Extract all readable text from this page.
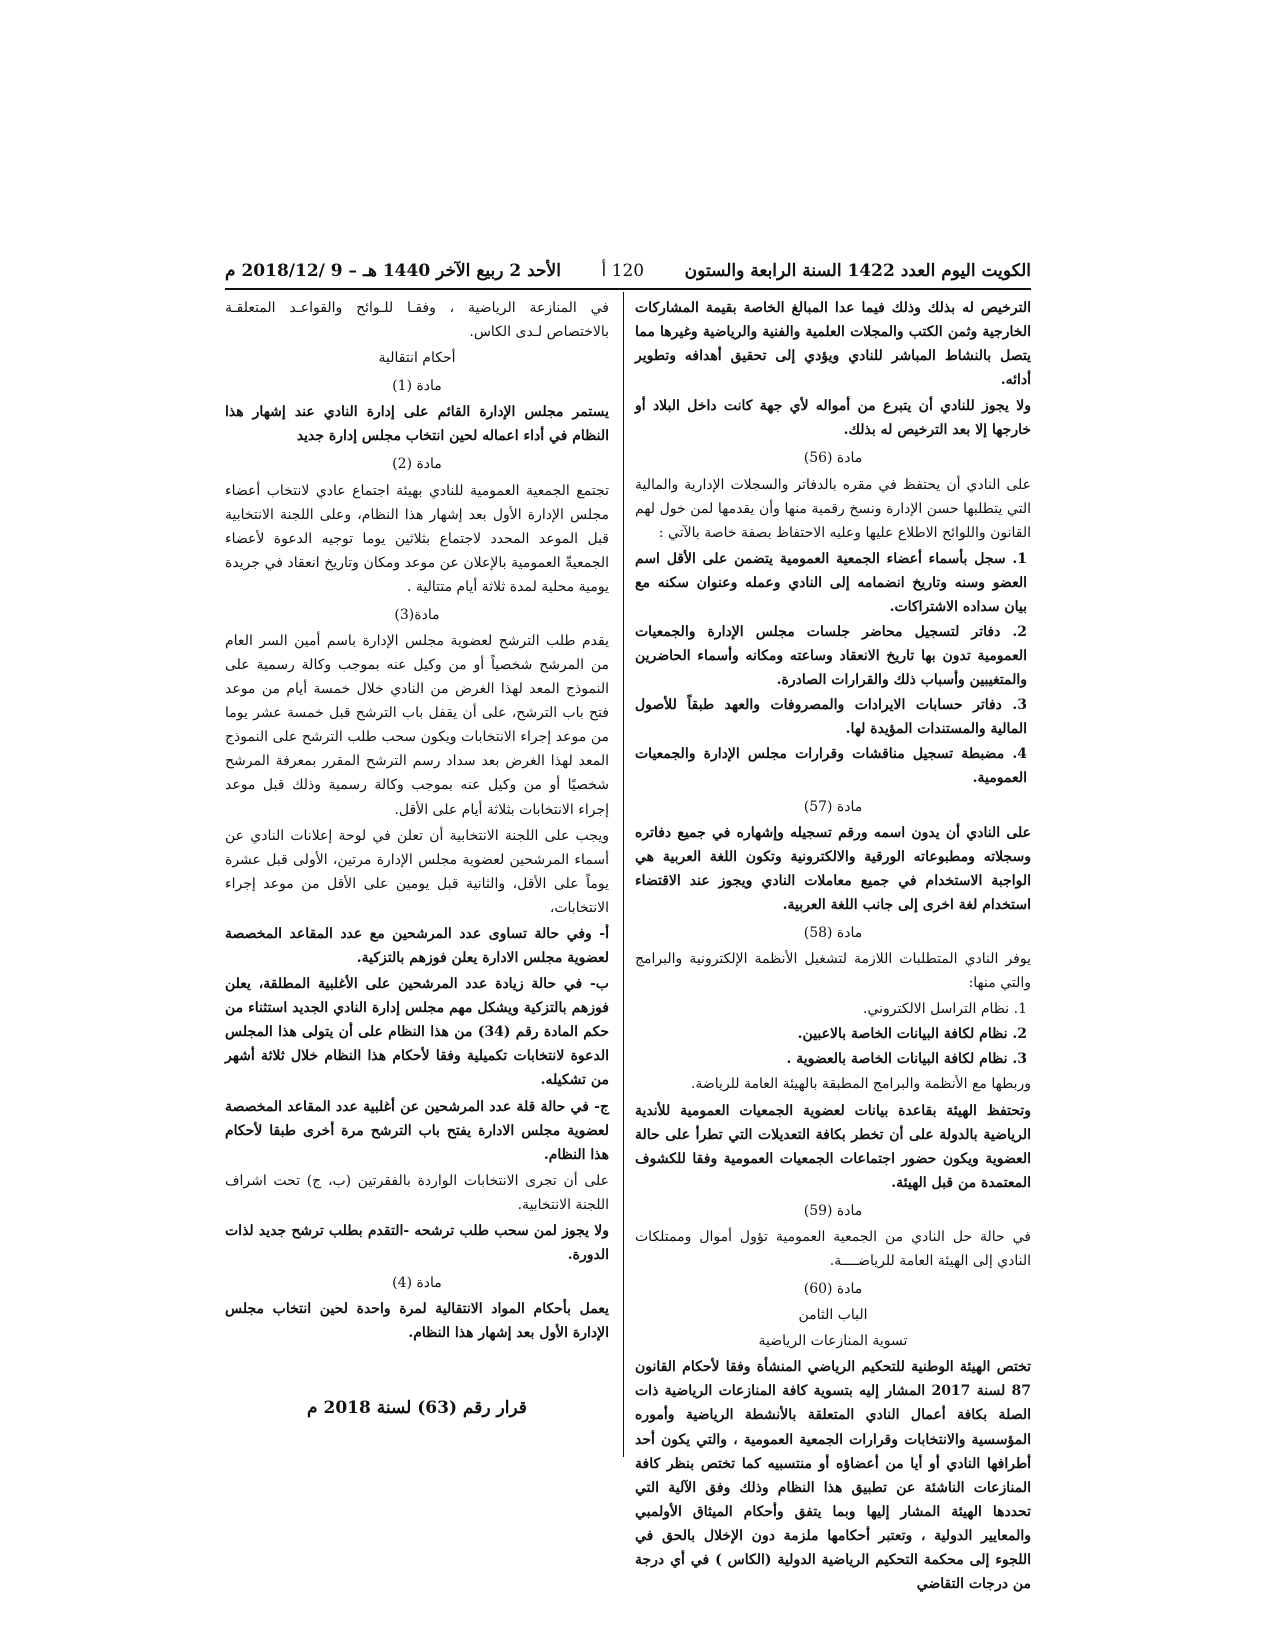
الكويت اليوم العدد 1422 السنة الرابعة والستون
120 أ
الأحد 2 ربيع الآخر 1440 هـ – 9 /2018/12 م

الترخيص له بذلك وذلك فيما عدا المبالغ الخاصة بقيمة المشاركات الخارجية وثمن الكتب والمجلات العلمية والفنية والرياضية وغيرها مما يتصل بالنشاط المباشر للنادي ويؤدي إلى تحقيق أهدافه وتطوير أدائه.

ولا يجوز للنادي أن يتبرع من أمواله لأي جهة كانت داخل البلاد أو خارجها إلا بعد الترخيص له بذلك.

مادة (56)

على النادي أن يحتفظ في مقره بالدفاتر والسجلات الإدارية والمالية التي يتطلبها حسن الإدارة ونسخ رقمية منها وأن يقدمها لمن خول لهم القانون واللوائح الاطلاع عليها وعليه الاحتفاظ بصفة خاصة بالآتي :

1. سجل بأسماء أعضاء الجمعية العمومية يتضمن على الأقل اسم العضو وسنه وتاريخ انضمامه إلى النادي وعمله وعنوان سكنه مع بيان سداده الاشتراكات.
2. دفاتر لتسجيل محاضر جلسات مجلس الإدارة والجمعيات العمومية تدون بها تاريخ الانعقاد وساعته ومكانه وأسماء الحاضرين والمتغيبين وأسباب ذلك والقرارات الصادرة.
3. دفاتر حسابات الايرادات والمصروفات والعهد طبقاً للأصول المالية والمستندات المؤيدة لها.
4. مضبطة تسجيل مناقشات وقرارات مجلس الإدارة والجمعيات العمومية.
مادة (57)

على النادي أن يدون اسمه ورقم تسجيله وإشهاره في جميع دفاتره وسجلاته ومطبوعاته الورقية والالكترونية وتكون اللغة العربية هي الواجبة الاستخدام في جميع معاملات النادي ويجوز عند الاقتضاء استخدام لغة اخرى إلى جانب اللغة العربية.

مادة (58)

يوفر النادي المتطلبات اللازمة لتشغيل الأنظمة الإلكترونية والبرامج والتي منها:

1. نظام التراسل الالكتروني.
2. نظام لكافة البيانات الخاصة بالاعبين.
3. نظام لكافة البيانات الخاصة بالعضوية .

وربطها مع الأنظمة والبرامج المطبقة بالهيئة العامة للرياضة.

وتحتفظ الهيئة بقاعدة بيانات لعضوية الجمعيات العمومية للأندية الرياضية بالدولة على أن تخطر بكافة التعديلات التي تطرأ على حالة العضوية ويكون حضور اجتماعات الجمعيات العمومية وفقا للكشوف المعتمدة من قبل الهيئة.

مادة (59)

في حالة حل النادي من الجمعية العمومية تؤول أموال وممتلكات النادي إلى الهيئة العامة للرياضــــة.

مادة (60)
الباب الثامن
تسوية المنازعات الرياضية

تختص الهيئة الوطنية للتحكيم الرياضي المنشأة وفقا لأحكام القانون 87 لسنة 2017 المشار إليه بتسوية كافة المنازعات الرياضية ذات الصلة بكافة أعمال النادي المتعلقة بالأنشطة الرياضية وأموره المؤسسية والانتخابات وقرارات الجمعية العمومية ، والتي يكون أحد أطرافها النادي أو أيا من أعضاؤه أو منتسبيه كما تختص بنظر كافة المنازعات الناشئة عن تطبيق هذا النظام وذلك وفق الآلية التي تحددها الهيئة المشار إليها وبما يتفق وأحكام الميثاق الأولمبي والمعايير الدولية ، وتعتبر أحكامها ملزمة دون الإخلال بالحق في اللجوء إلى محكمة التحكيم الرياضية الدولية (الكاس ) في أي درجة من درجات التقاضي

في المنازعة الرياضية ، وفقـا للـوائح والقواعـد المتعلقـة بالاختصاص لـدى الكاس.

أحكام انتقالية
مادة (1)

يستمر مجلس الإدارة القائم على إدارة النادي عند إشهار هذا النظام في أداء اعماله لحين انتخاب مجلس إدارة جديد

مادة (2)

تجتمع الجمعية العمومية للنادي بهيئة اجتماع عادي لانتخاب أعضاء مجلس الإدارة الأول بعد إشهار هذا النظام، وعلى اللجنة الانتخابية قبل الموعد المحدد لاجتماع بثلاثين يوما توجيه الدعوة لأعضاء الجمعيةّ العمومية بالإعلان عن موعد ومكان وتاريخ انعقاد في جريدة يومية محلية لمدة ثلاثة أيام متتالية .

مادة(3)

يقدم طلب الترشح لعضوية مجلس الإدارة باسم أمين السر العام من المرشح شخصياً أو من وكيل عنه بموجب وكالة رسمية على النموذج المعد لهذا الغرض من النادي خلال خمسة أيام من موعد فتح باب الترشح، على أن يقفل باب الترشح قبل خمسة عشر يوما من موعد إجراء الانتخابات ويكون سحب طلب الترشح على النموذج المعد لهذا الغرض بعد سداد رسم الترشح المقرر بمعرفة المرشح شخصيًا أو من وكيل عنه بموجب وكالة رسمية وذلك قبل موعد إجراء الانتخابات بثلاثة أيام على الأقل.

ويجب على اللجنة الانتخابية أن تعلن في لوحة إعلانات النادي عن أسماء المرشحين لعضوية مجلس الإدارة مرتين، الأولى قبل عشرة يوماً على الأقل، والثانية قبل يومين على الأقل من موعد إجراء الانتخابات،

أ- وفي حالة تساوى عدد المرشحين مع عدد المقاعد المخصصة لعضوية مجلس الادارة يعلن فوزهم بالتزكية.

ب- في حالة زيادة عدد المرشحين على الأغلبية المطلقة، يعلن فوزهم بالتزكية ويشكل مهم مجلس إدارة النادي الجديد استثناء من حكم المادة رقم (34) من هذا النظام على أن يتولى هذا المجلس الدعوة لانتخابات تكميلية وفقا لأحكام هذا النظام خلال ثلاثة أشهر من تشكيله.

ج- في حالة قلة عدد المرشحين عن أغلبية عدد المقاعد المخصصة لعضوية مجلس الادارة يفتح باب الترشح مرة أخرى طبقا لأحكام هذا النظام.

على أن تجرى الانتخابات الواردة بالفقرتين (ب، ج) تحت اشراف اللجنة الانتخابية.

ولا يجوز لمن سحب طلب ترشحه -التقدم بطلب ترشح جديد لذات الدورة.

مادة (4)

يعمل بأحكام المواد الانتقالية لمرة واحدة لحين انتخاب مجلس الإدارة الأول بعد إشهار هذا النظام.

قرار رقم (63) لسنة 2018 م
